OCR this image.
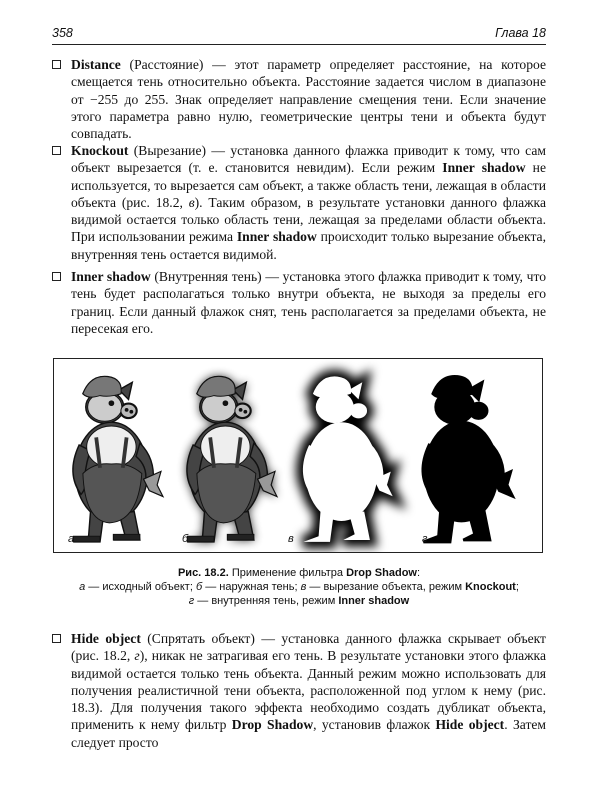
358	Глава 18

Distance (Расстояние) — этот параметр определяет расстояние, на которое смещается тень относительно объекта. Расстояние задается числом в диапазоне от −255 до 255. Знак определяет направление смещения тени. Если значение этого параметра равно нулю, геометрические центры тени и объекта будут совпадать.

Knockout (Вырезание) — установка данного флажка приводит к тому, что сам объект вырезается (т. е. становится невидим). Если режим Inner shadow не используется, то вырезается сам объект, а также область тени, лежащая в области объекта (рис. 18.2, в). Таким образом, в результате установки данного флажка видимой остается только область тени, лежащая за пределами области объекта. При использовании режима Inner shadow происходит только вырезание объекта, внутренняя тень остается видимой.

Inner shadow (Внутренняя тень) — установка этого флажка приводит к тому, что тень будет располагаться только внутри объекта, не выходя за пределы его границ. Если данный флажок снят, тень располагается за пределами объекта, не пересекая его.

а	б	в	г
Рис. 18.2. Применение фильтра Drop Shadow:
а — исходный объект; б — наружная тень; в — вырезание объекта, режим Knockout;
г — внутренняя тень, режим Inner shadow

Hide object (Спрятать объект) — установка данного флажка скрывает объект (рис. 18.2, г), никак не затрагивая его тень. В результате установки этого флажка видимой остается только тень объекта. Данный режим можно использовать для получения реалистичной тени объекта, расположенной под углом к нему (рис. 18.3). Для получения такого эффекта необходимо создать дубликат объекта, применить к нему фильтр Drop Shadow, установив флажок Hide object. Затем следует просто
